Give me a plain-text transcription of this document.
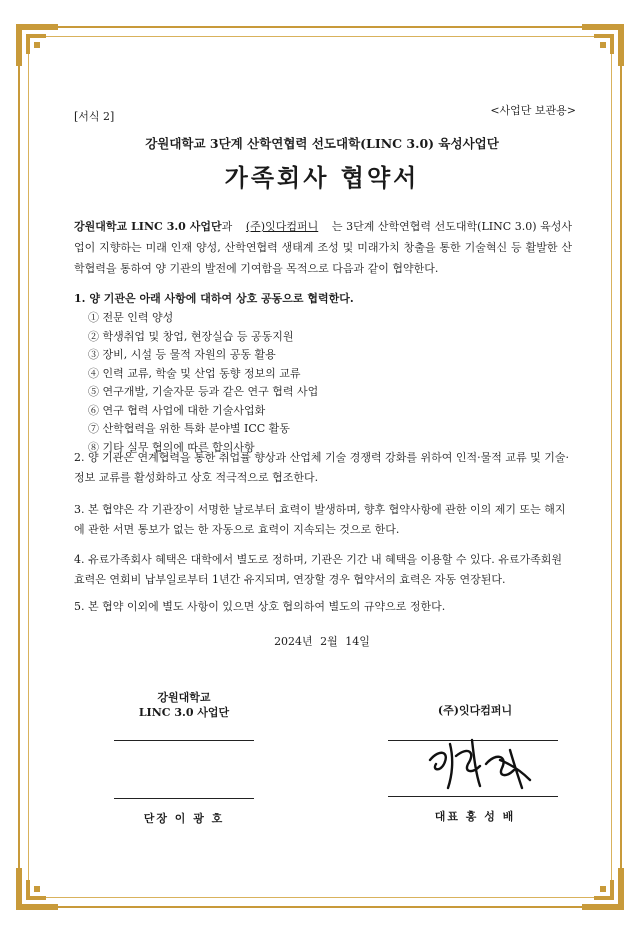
[서식 2]	<사업단 보관용>
강원대학교 3단계 산학연협력 선도대학(LINC 3.0) 육성사업단
가족회사 협약서
강원대학교 LINC 3.0 사업단과 (주)잇다컴퍼니 는 3단계 산학연협력 선도대학(LINC 3.0) 육성사업이 지향하는 미래 인재 양성, 산학연협력 생태계 조성 및 미래가치 창출을 통한 기술혁신 등 활발한 산학협력을 통하여 양 기관의 발전에 기여함을 목적으로 다음과 같이 협약한다.
1. 양 기관은 아래 사항에 대하여 상호 공동으로 협력한다.
① 전문 인력 양성
② 학생취업 및 창업, 현장실습 등 공동지원
③ 장비, 시설 등 물적 자원의 공동 활용
④ 인력 교류, 학술 및 산업 동향 정보의 교류
⑤ 연구개발, 기술자문 등과 같은 연구 협력 사업
⑥ 연구 협력 사업에 대한 기술사업화
⑦ 산학협력을 위한 특화 분야별 ICC 활동
⑧ 기타 실무 협의에 따른 합의사항
2. 양 기관은 연계협력을 통한 취업률 향상과 산업체 기술 경쟁력 강화를 위하여 인적·물적 교류 및 기술·정보 교류를 활성화하고 상호 적극적으로 협조한다.
3. 본 협약은 각 기관장이 서명한 날로부터 효력이 발생하며, 향후 협약사항에 관한 이의 제기 또는 해지에 관한 서면 통보가 없는 한 자동으로 효력이 지속되는 것으로 한다.
4. 유료가족회사 혜택은 대학에서 별도로 정하며, 기관은 기간 내 혜택을 이용할 수 있다. 유료가족회원 효력은 연회비 납부일로부터 1년간 유지되며, 연장할 경우 협약서의 효력은 자동 연장된다.
5. 본 협약 이외에 별도 사항이 있으면 상호 협의하여 별도의 규약으로 정한다.
2024년 2월 14일
강원대학교
LINC 3.0 사업단	(주)잇다컴퍼니
단장 이 광 호	대표 홍 성 배
